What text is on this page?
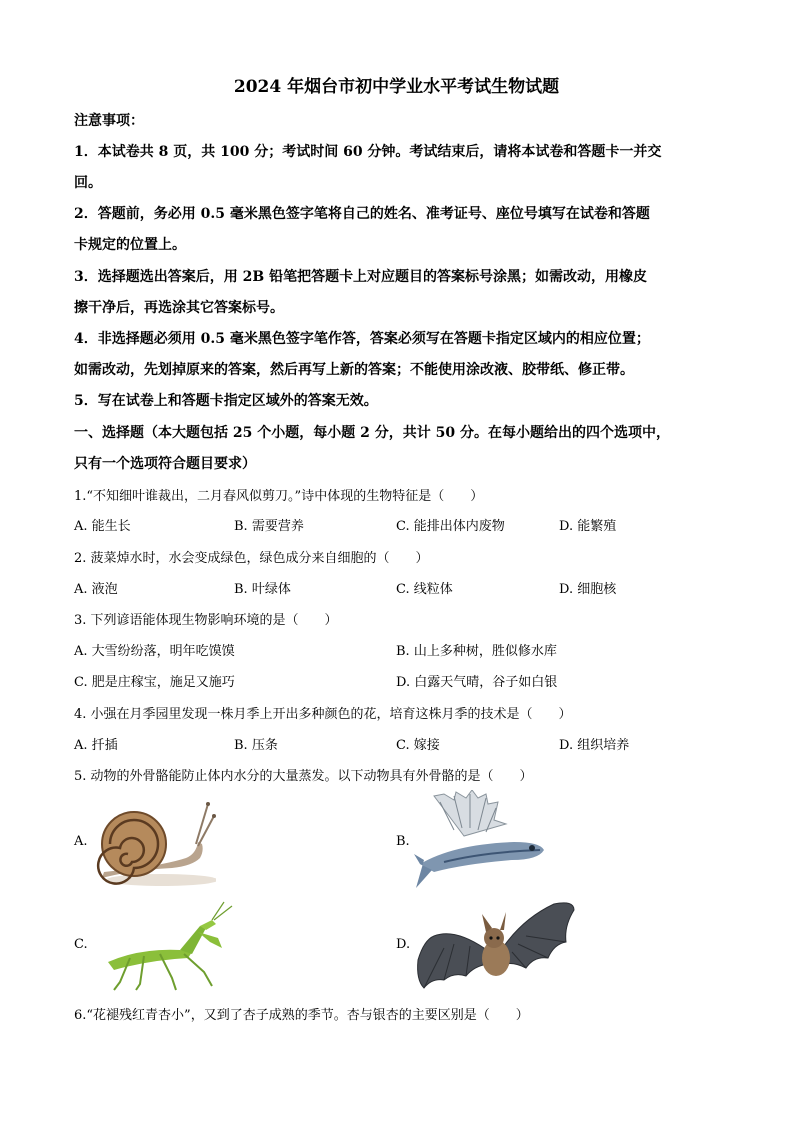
2024 年烟台市初中学业水平考试生物试题
注意事项：
1．本试卷共 8 页，共 100 分；考试时间 60 分钟。考试结束后，请将本试卷和答题卡一并交
回。
2．答题前，务必用 0.5 毫米黑色签字笔将自己的姓名、准考证号、座位号填写在试卷和答题
卡规定的位置上。
3．选择题选出答案后，用 2B 铅笔把答题卡上对应题目的答案标号涂黑；如需改动，用橡皮
擦干净后，再选涂其它答案标号。
4．非选择题必须用 0.5 毫米黑色签字笔作答，答案必须写在答题卡指定区域内的相应位置；
如需改动，先划掉原来的答案，然后再写上新的答案；不能使用涂改液、胶带纸、修正带。
5．写在试卷上和答题卡指定区域外的答案无效。
一、选择题（本大题包括 25 个小题，每小题 2 分，共计 50 分。在每小题给出的四个选项中，
只有一个选项符合题目要求）
1.“不知细叶谁裁出，二月春风似剪刀。”诗中体现的生物特征是（　　）
A. 能生长	B. 需要营养	C. 能排出体内废物	D. 能繁殖
2. 菠菜焯水时，水会变成绿色，绿色成分来自细胞的（　　）
A. 液泡	B. 叶绿体	C. 线粒体	D. 细胞核
3. 下列谚语能体现生物影响环境的是（　　）
A. 大雪纷纷落，明年吃馍馍	B. 山上多种树，胜似修水库
C. 肥是庄稼宝，施足又施巧	D. 白露天气晴，谷子如白银
4. 小强在月季园里发现一株月季上开出多种颜色的花，培育这株月季的技术是（　　）
A. 扦插	B. 压条	C. 嫁接	D. 组织培养
5. 动物的外骨骼能防止体内水分的大量蒸发。以下动物具有外骨骼的是（　　）
A.	B.
C.	D.
6.“花褪残红青杏小”，又到了杏子成熟的季节。杏与银杏的主要区别是（　　）
